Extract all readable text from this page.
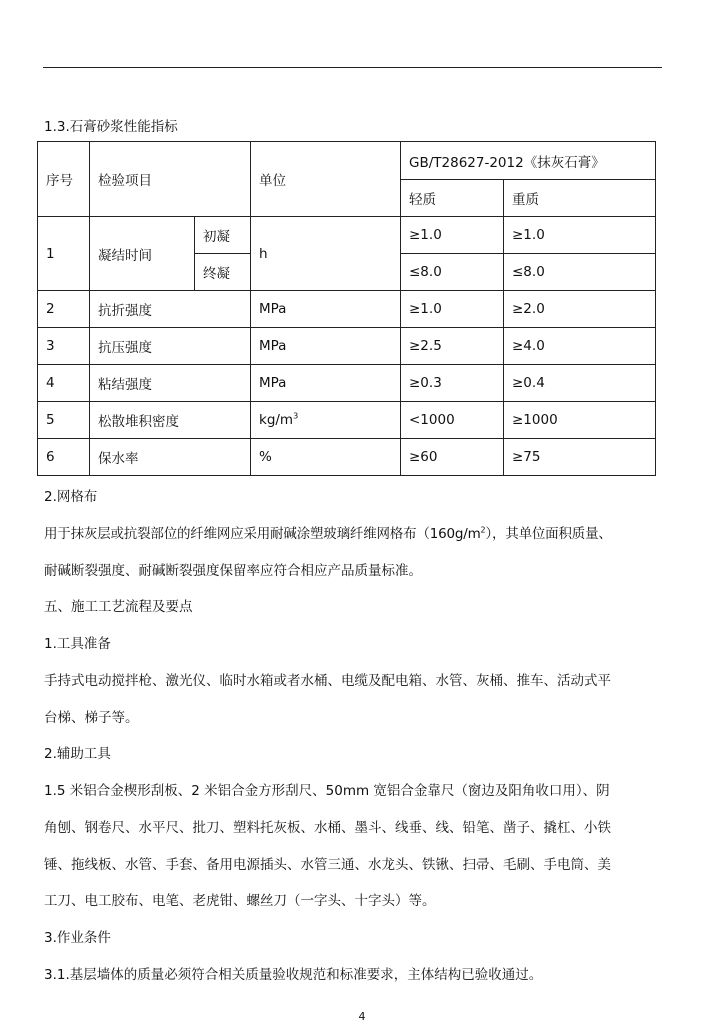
1.3.石膏砂浆性能指标
序号	检验项目		单位	GB/T28627-2012《抹灰石膏》	
				轻质	重质
1	凝结时间	初凝	h	≥1.0	≥1.0
		终凝		≤8.0	≤8.0
2	抗折强度		MPa	≥1.0	≥2.0
3	抗压强度		MPa	≥2.5	≥4.0
4	粘结强度		MPa	≥0.3	≥0.4
5	松散堆积密度		$kg/m^3$	<1000	≥1000
6	保水率		%	≥60	≥75
2.网格布
用于抹灰层或抗裂部位的纤维网应采用耐碱涂塑玻璃纤维网格布$(160g/m^2)$，其单位面积质量、
耐碱断裂强度、耐碱断裂强度保留率应符合相应产品质量标准。
五、施工工艺流程及要点
1.工具准备
手持式电动搅拌枪、激光仪、临时水箱或者水桶、电缆及配电箱、水管、灰桶、推车、活动式平
台梯、梯子等。
2.辅助工具
1.5 米铝合金楔形刮板、2 米铝合金方形刮尺、50mm 宽铝合金靠尺（窗边及阳角收口用）、阴
角刨、钢卷尺、水平尺、批刀、塑料托灰板、水桶、墨斗、线垂、线、铅笔、凿子、撬杠、小铁
锤、拖线板、水管、手套、备用电源插头、水管三通、水龙头、铁锹、扫帚、毛刷、手电筒、美
工刀、电工胶布、电笔、老虎钳、螺丝刀（一字头、十字头）等。
3.作业条件
3.1.基层墙体的质量必须符合相关质量验收规范和标准要求，主体结构已验收通过。
4
